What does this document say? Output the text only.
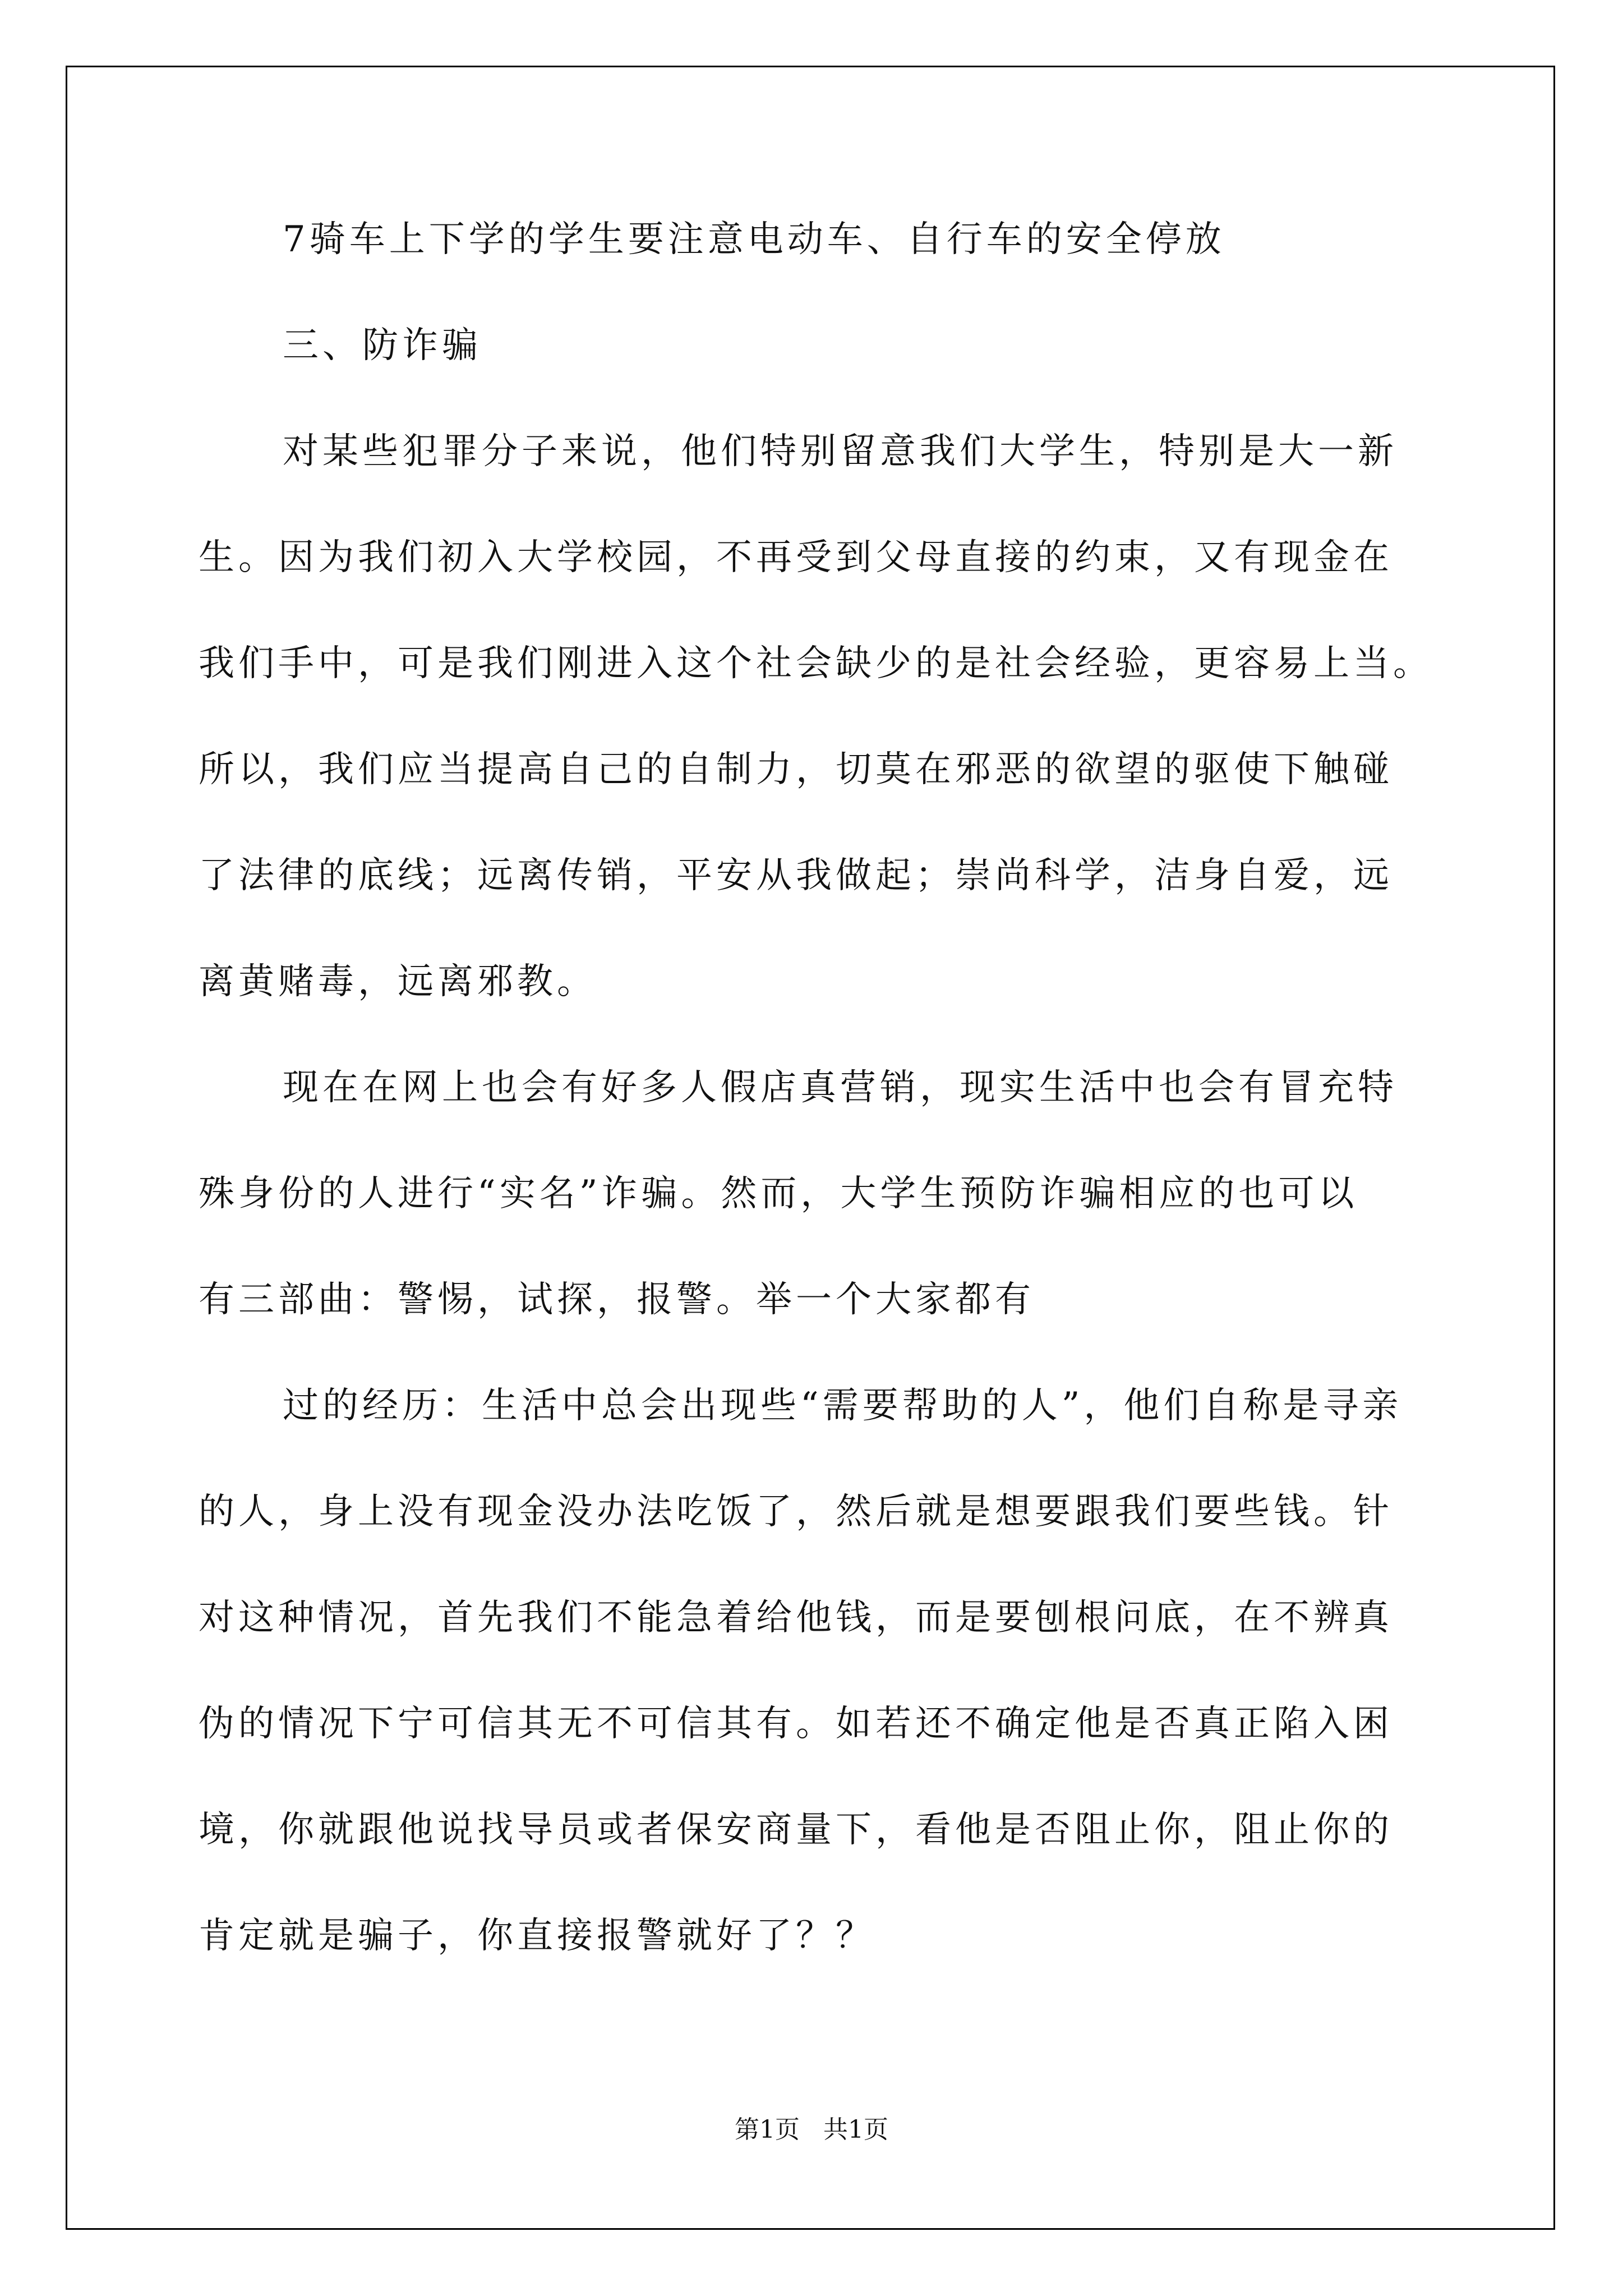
7骑车上下学的学生要注意电动车、自行车的安全停放
三、防诈骗
对某些犯罪分子来说，他们特别留意我们大学生，特别是大一新
生。因为我们初入大学校园，不再受到父母直接的约束，又有现金在
我们手中，可是我们刚进入这个社会缺少的是社会经验，更容易上当。
所以，我们应当提高自己的自制力，切莫在邪恶的欲望的驱使下触碰
了法律的底线；远离传销，平安从我做起；崇尚科学，洁身自爱，远
离黄赌毒，远离邪教。
现在在网上也会有好多人假店真营销，现实生活中也会有冒充特
殊身份的人进行“实名”诈骗。然而，大学生预防诈骗相应的也可以
有三部曲：警惕，试探，报警。举一个大家都有
过的经历：生活中总会出现些“需要帮助的人”，他们自称是寻亲
的人，身上没有现金没办法吃饭了，然后就是想要跟我们要些钱。针
对这种情况，首先我们不能急着给他钱，而是要刨根问底，在不辨真
伪的情况下宁可信其无不可信其有。如若还不确定他是否真正陷入困
境，你就跟他说找导员或者保安商量下，看他是否阻止你，阻止你的
肯定就是骗子，你直接报警就好了？？
第1页   共1页
